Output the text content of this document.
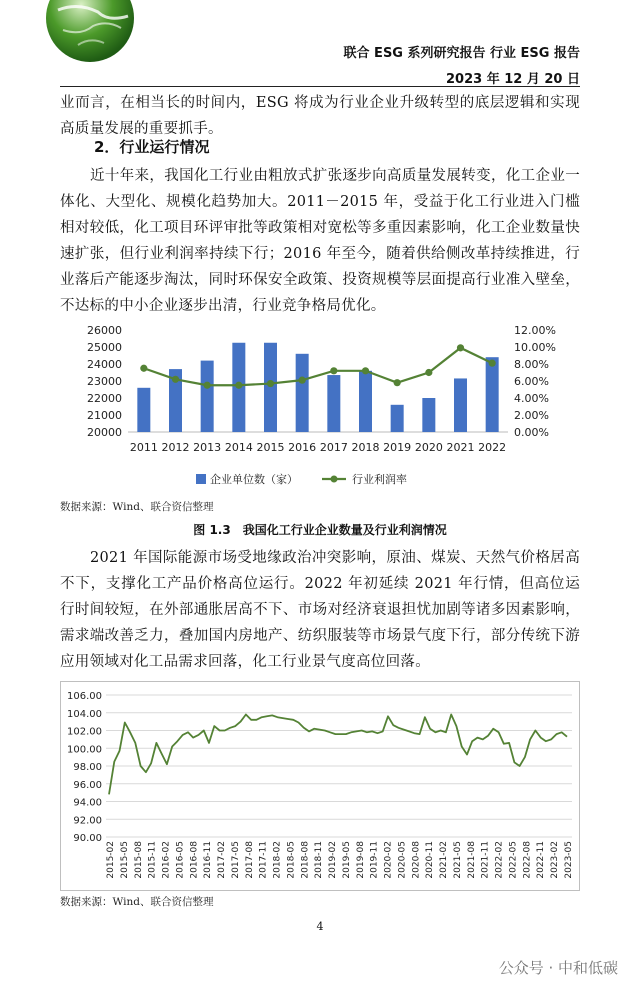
联合 ESG 系列研究报告 行业 ESG 报告
2023 年 12 月 20 日

业而言，在相当长的时间内，ESG 将成为行业企业升级转型的底层逻辑和实现高质量发展的重要抓手。

2．行业运行情况

近十年来，我国化工行业由粗放式扩张逐步向高质量发展转变，化工企业一体化、大型化、规模化趋势加大。2011－2015 年，受益于化工行业进入门槛相对较低，化工项目环评审批等政策相对宽松等多重因素影响，化工企业数量快速扩张，但行业利润率持续下行；2016 年至今，随着供给侧改革持续推进，行业落后产能逐步淘汰，同时环保安全政策、投资规模等层面提高行业准入壁垒，不达标的中小企业逐步出清，行业竞争格局优化。

20000
21000
22000
23000
24000
25000
26000
0.00%
2.00%
4.00%
6.00%
8.00%
10.00%
12.00%
2011 2012 2013 2014 2015 2016 2017 2018 2019 2020 2021 2022
企业单位数（家）	行业利润率
数据来源：Wind、联合资信整理
图 1.3　我国化工行业企业数量及行业利润情况

2021 年国际能源市场受地缘政治冲突影响，原油、煤炭、天然气价格居高不下，支撑化工产品价格高位运行。2022 年初延续 2021 年行情，但高位运行时间较短，在外部通胀居高不下、市场对经济衰退担忧加剧等诸多因素影响，需求端改善乏力，叠加国内房地产、纺织服装等市场景气度下行，部分传统下游应用领域对化工品需求回落，化工行业景气度高位回落。

90.00
92.00
94.00
96.00
98.00
100.00
102.00
104.00
106.00
2015-02 2015-05 2015-08 2015-11 2016-02 2016-05 2016-08 2016-11 2017-02 2017-05 2017-08 2017-11 2018-02 2018-05 2018-08 2018-11 2019-02 2019-05 2019-08 2019-11 2020-02 2020-05 2020-08 2020-11 2021-02 2021-05 2021-08 2021-11 2022-02 2022-05 2022-08 2022-11 2023-02 2023-05
数据来源：Wind、联合资信整理
4
公众号 · 中和低碳
